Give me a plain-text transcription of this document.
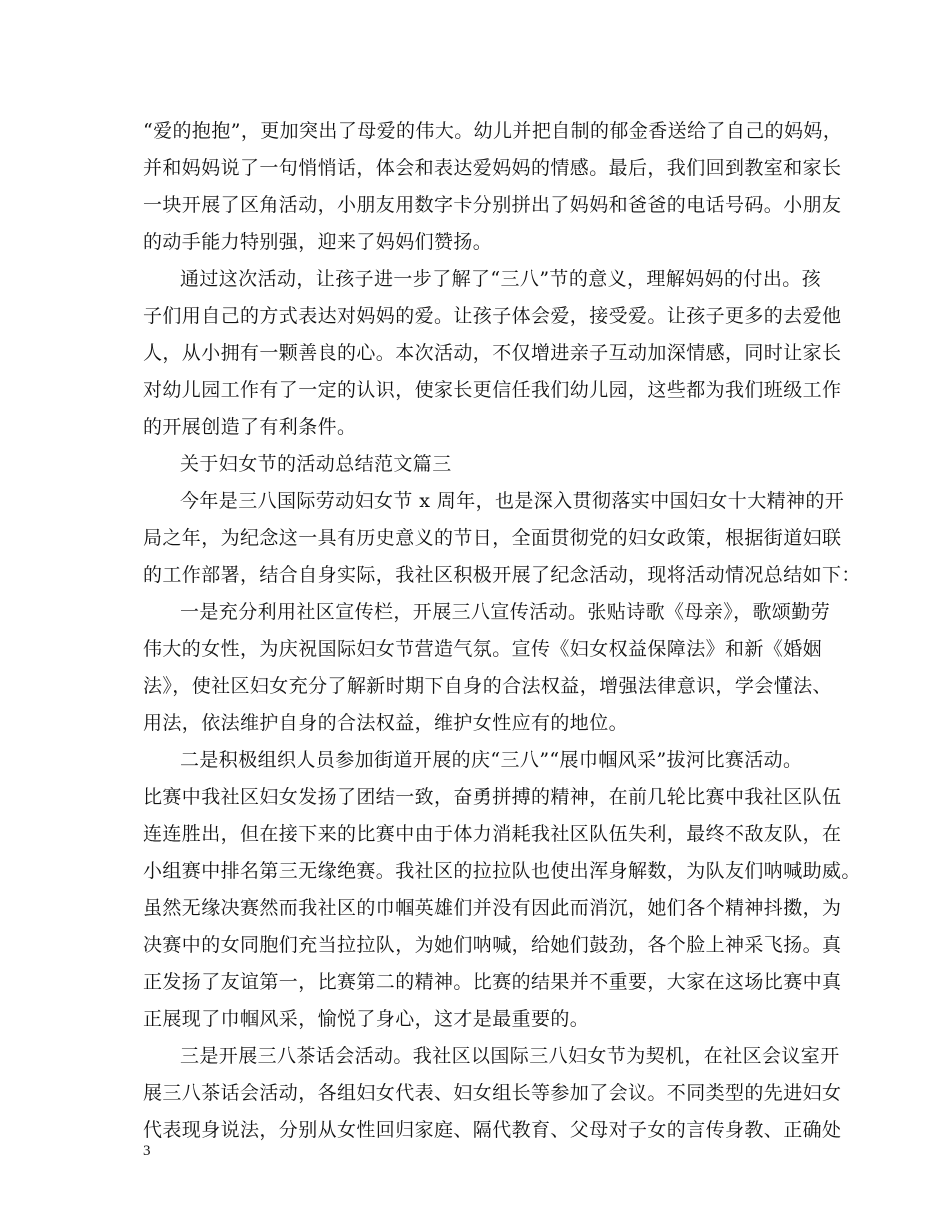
“爱的抱抱”，更加突出了母爱的伟大。幼儿并把自制的郁金香送给了自己的妈妈，
并和妈妈说了一句悄悄话，体会和表达爱妈妈的情感。最后，我们回到教室和家长
一块开展了区角活动，小朋友用数字卡分别拼出了妈妈和爸爸的电话号码。小朋友
的动手能力特别强，迎来了妈妈们赞扬。
通过这次活动，让孩子进一步了解了“三八”节的意义，理解妈妈的付出。孩
子们用自己的方式表达对妈妈的爱。让孩子体会爱，接受爱。让孩子更多的去爱他
人，从小拥有一颗善良的心。本次活动，不仅增进亲子互动加深情感，同时让家长
对幼儿园工作有了一定的认识，使家长更信任我们幼儿园，这些都为我们班级工作
的开展创造了有利条件。
关于妇女节的活动总结范文篇三
今年是三八国际劳动妇女节 x 周年，也是深入贯彻落实中国妇女十大精神的开
局之年，为纪念这一具有历史意义的节日，全面贯彻党的妇女政策，根据街道妇联
的工作部署，结合自身实际，我社区积极开展了纪念活动，现将活动情况总结如下：
一是充分利用社区宣传栏，开展三八宣传活动。张贴诗歌《母亲》，歌颂勤劳
伟大的女性，为庆祝国际妇女节营造气氛。宣传《妇女权益保障法》和新《婚姻
法》，使社区妇女充分了解新时期下自身的合法权益，增强法律意识，学会懂法、
用法，依法维护自身的合法权益，维护女性应有的地位。
二是积极组织人员参加街道开展的庆“三八”“展巾帼风采”拔河比赛活动。
比赛中我社区妇女发扬了团结一致，奋勇拼搏的精神，在前几轮比赛中我社区队伍
连连胜出，但在接下来的比赛中由于体力消耗我社区队伍失利，最终不敌友队，在
小组赛中排名第三无缘绝赛。我社区的拉拉队也使出浑身解数，为队友们呐喊助威。
虽然无缘决赛然而我社区的巾帼英雄们并没有因此而消沉，她们各个精神抖擞，为
决赛中的女同胞们充当拉拉队，为她们呐喊，给她们鼓劲，各个脸上神采飞扬。真
正发扬了友谊第一，比赛第二的精神。比赛的结果并不重要，大家在这场比赛中真
正展现了巾帼风采，愉悦了身心，这才是最重要的。
三是开展三八茶话会活动。我社区以国际三八妇女节为契机，在社区会议室开
展三八茶话会活动，各组妇女代表、妇女组长等参加了会议。不同类型的先进妇女
代表现身说法，分别从女性回归家庭、隔代教育、父母对子女的言传身教、正确处
3
